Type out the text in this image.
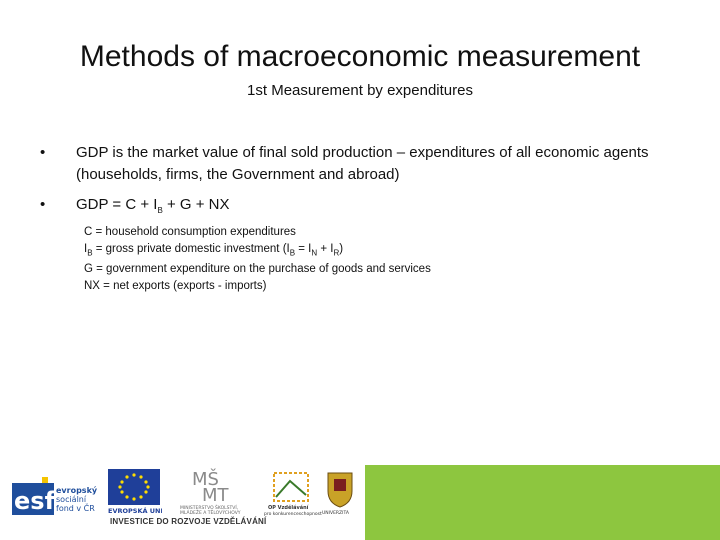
Methods of macroeconomic measurement
1st Measurement by expenditures
• GDP is the market value of final sold production – expenditures of all economic agents (households, firms, the Government and abroad)
• GDP = $C + I_B + G$ + NX
C = household consumption expenditures
$I_B$ = gross private domestic investment $(I_B = I_N + I_R)$
G = government expenditure on the purchase of goods and services
NX = net exports (exports - imports)
esf evropský
sociální
fond v ČR EVROPSKÁ UNIE
MŠ
MT
MINISTERSTVO ŠKOLSTVÍ,
MLÁDEŽE A TĚLOVÝCHOVY
OP Vzdělávání
pro konkurenceschopnost UNIVERZITA
INVESTICE DO ROZVOJE VZDĚLÁVÁNÍ
